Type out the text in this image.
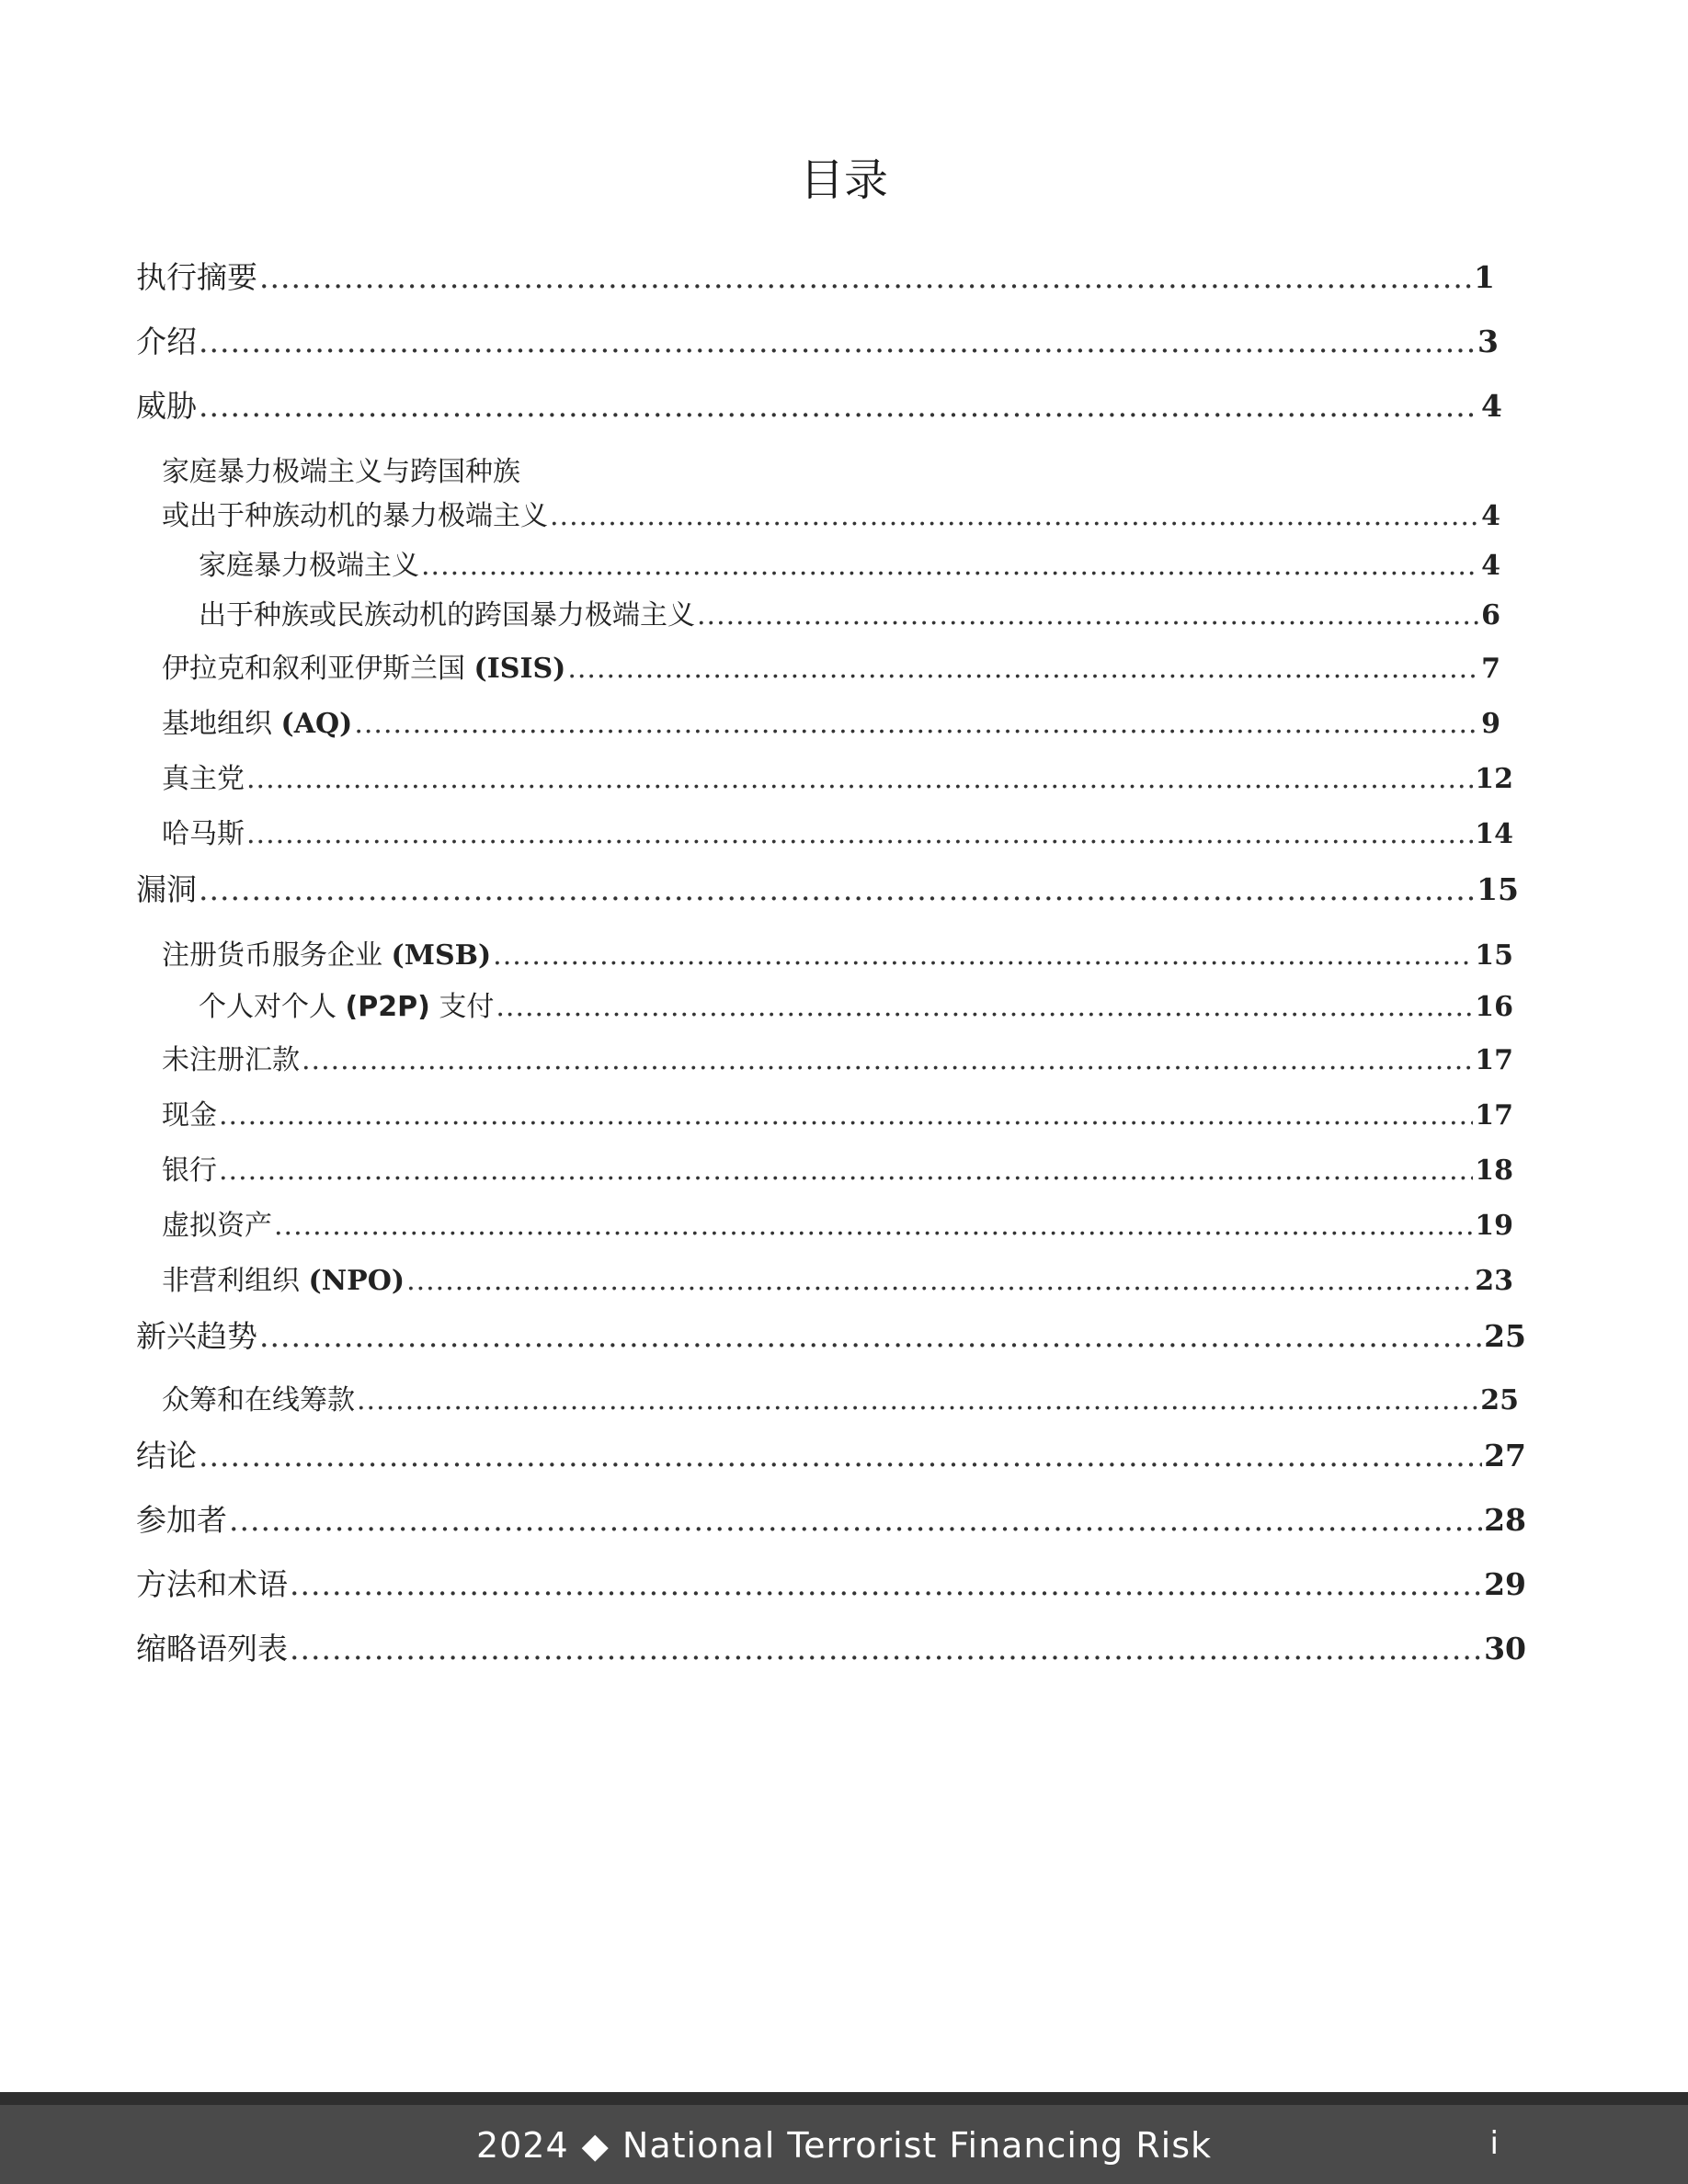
目录
执行摘要 .....	1
介绍 .....	3
威胁 .....	4
家庭暴力极端主义与跨国种族
或出于种族动机的暴力极端主义 .....	4
家庭暴力极端主义 .....	4
出于种族或民族动机的跨国暴力极端主义 .....	6
伊拉克和叙利亚伊斯兰国 (ISIS) .....	7
基地组织 (AQ) .....	9
真主党 .....	12
哈马斯 .....	14
漏洞 .....	15
注册货币服务企业 (MSB) .....	15
个人对个人 (P2P) 支付 .....	16
未注册汇款 .....	17
现金 .....	17
银行 .....	18
虚拟资产 .....	19
非营利组织 (NPO) .....	23
新兴趋势 .....	25
众筹和在线筹款 .....	25
结论 .....	27
参加者 .....	28
方法和术语 .....	29
缩略语列表 .....	30
2024 ◆ National Terrorist Financing Risk	i
